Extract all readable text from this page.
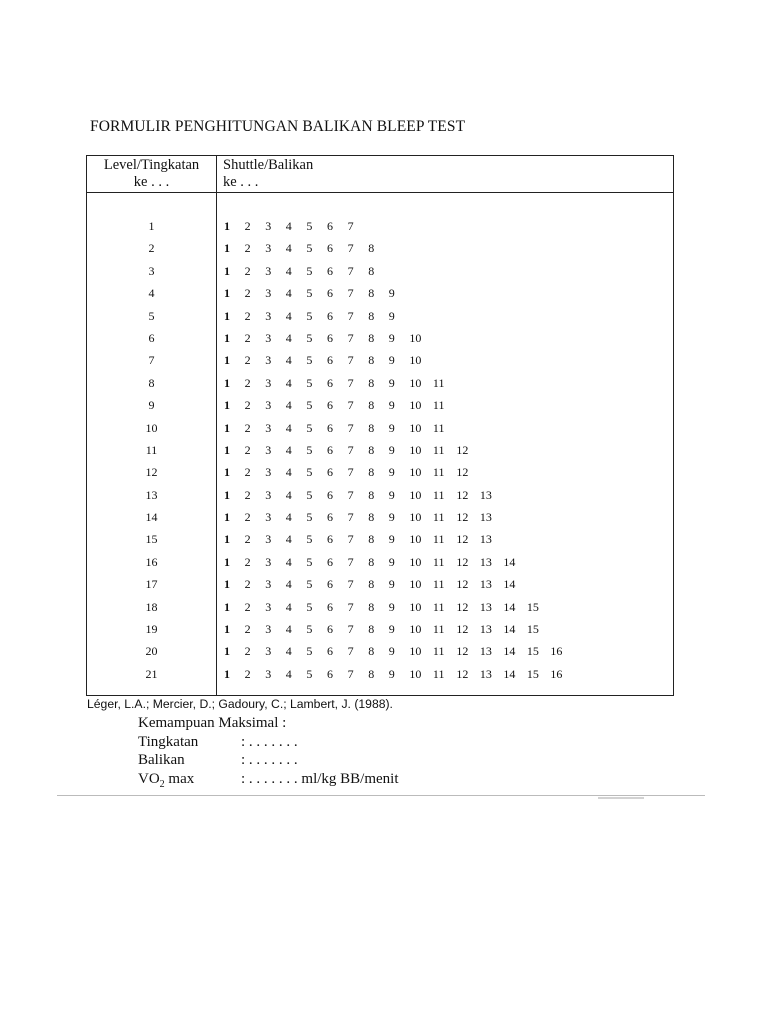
FORMULIR PENGHITUNGAN BALIKAN BLEEP TEST
Level/Tingkatan
ke . . .
Shuttle/Balikan
ke . . .
1	1 2 3 4 5 6 7
2	1 2 3 4 5 6 7 8
3	1 2 3 4 5 6 7 8
4	1 2 3 4 5 6 7 8 9
5	1 2 3 4 5 6 7 8 9
6	1 2 3 4 5 6 7 8 9 10
7	1 2 3 4 5 6 7 8 9 10
8	1 2 3 4 5 6 7 8 9 10 11
9	1 2 3 4 5 6 7 8 9 10 11
10	1 2 3 4 5 6 7 8 9 10 11
11	1 2 3 4 5 6 7 8 9 10 11 12
12	1 2 3 4 5 6 7 8 9 10 11 12
13	1 2 3 4 5 6 7 8 9 10 11 12 13
14	1 2 3 4 5 6 7 8 9 10 11 12 13
15	1 2 3 4 5 6 7 8 9 10 11 12 13
16	1 2 3 4 5 6 7 8 9 10 11 12 13 14
17	1 2 3 4 5 6 7 8 9 10 11 12 13 14
18	1 2 3 4 5 6 7 8 9 10 11 12 13 14 15
19	1 2 3 4 5 6 7 8 9 10 11 12 13 14 15
20	1 2 3 4 5 6 7 8 9 10 11 12 13 14 15 16
21	1 2 3 4 5 6 7 8 9 10 11 12 13 14 15 16
Léger, L.A.; Mercier, D.; Gadoury, C.; Lambert, J. (1988).
Kemampuan Maksimal :
Tingkatan	: . . . . . . .
Balikan	: . . . . . . .
$VO_2$ max	: . . . . . . . ml/kg BB/menit
